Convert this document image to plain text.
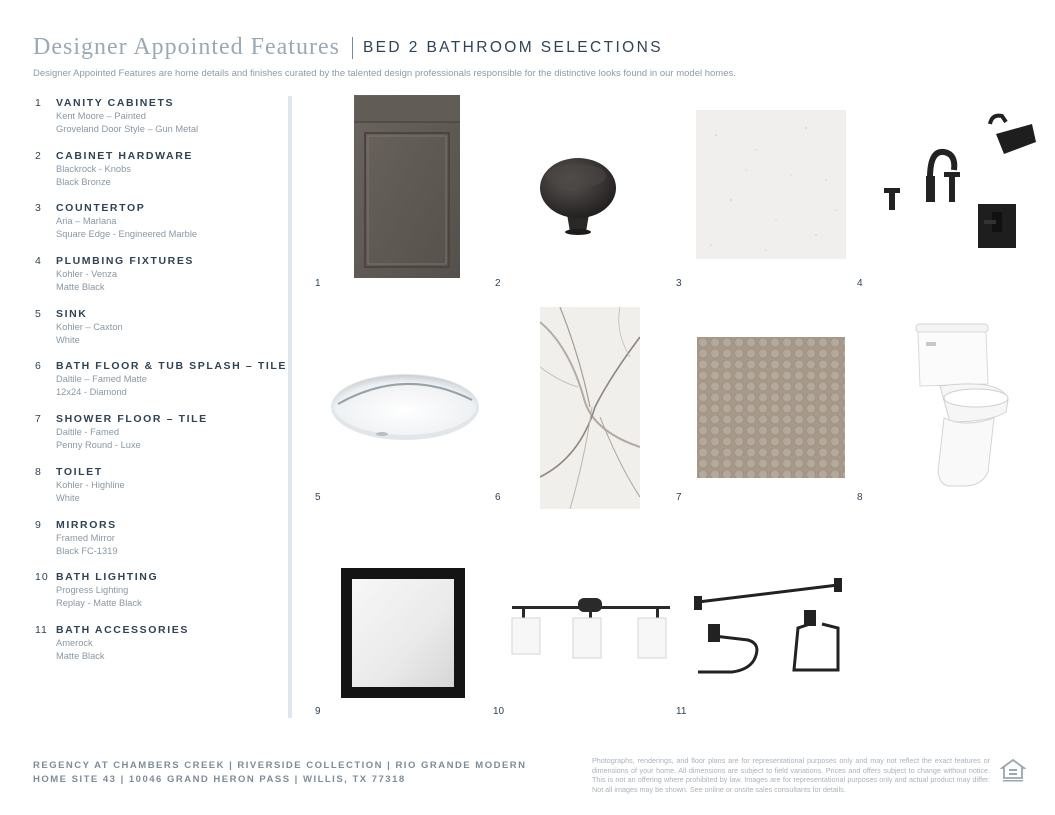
Designer Appointed Features BED 2 BATHROOM SELECTIONS
Designer Appointed Features are home details and finishes curated by the talented design professionals responsible for the distinctive looks found in our model homes.
1 VANITY CABINETS
Kent Moore – Painted
Groveland Door Style – Gun Metal
2 CABINET HARDWARE
Blackrock - Knobs
Black Bronze
3 COUNTERTOP
Aria – Marlana
Square Edge - Engineered Marble
4 PLUMBING FIXTURES
Kohler - Venza
Matte Black
5 SINK
Kohler – Caxton
White
6 BATH FLOOR & TUB SPLASH – TILE
Daltile – Famed Matte
12x24 - Diamond
7 SHOWER FLOOR – TILE
Daltile - Famed
Penny Round - Luxe
8 TOILET
Kohler - Highline
White
9 MIRRORS
Framed Mirror
Black FC-1319
10 BATH LIGHTING
Progress Lighting
Replay - Matte Black
11 BATH ACCESSORIES
Amerock
Matte Black
1	2	3	4
5	6	7	8
9	10	11
REGENCY AT CHAMBERS CREEK | RIVERSIDE COLLECTION | RIO GRANDE MODERN
HOME SITE 43 | 10046 GRAND HERON PASS | WILLIS, TX 77318
Photographs, renderings, and floor plans are for representational purposes only and may not reflect the exact features or dimensions of your home. All dimensions are subject to field variations. Prices and offers subject to change without notice. This is not an offering where prohibited by law. Images are for representational purposes only and actual product may differ. Not all images may be shown. See online or onsite sales consultants for details.
